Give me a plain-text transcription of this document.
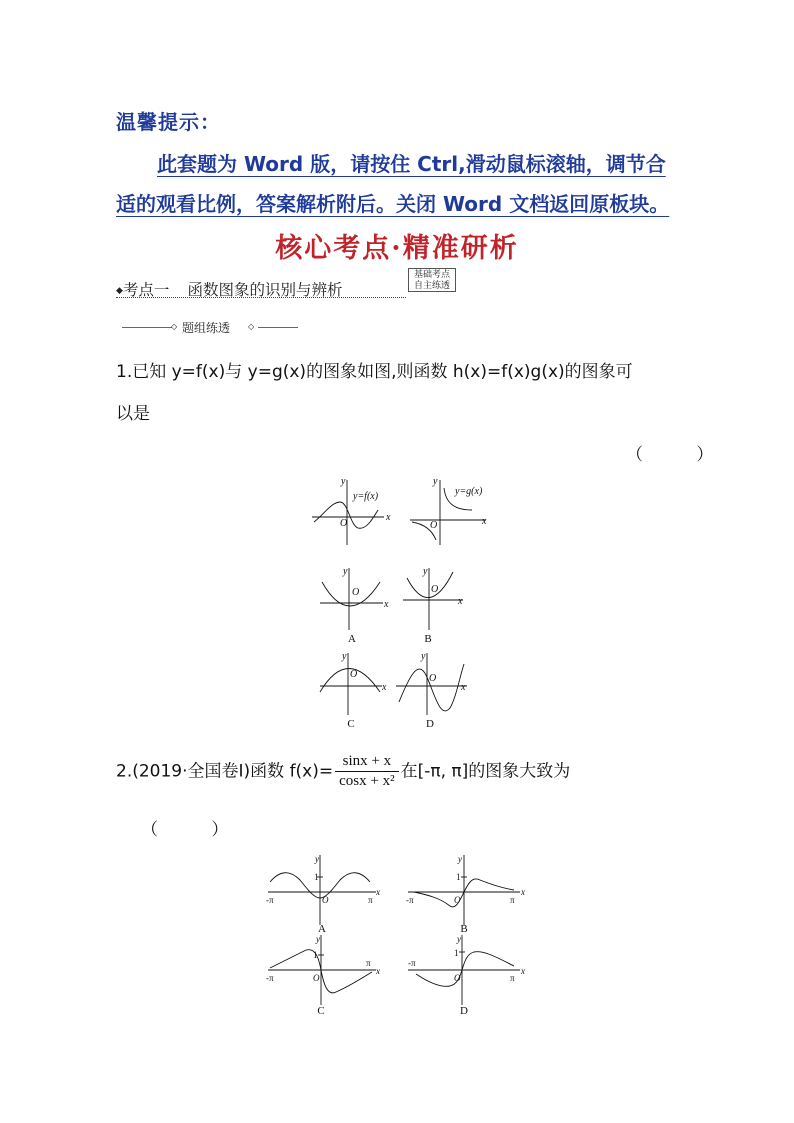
温馨提示：
此套题为 Word 版，请按住 Ctrl,滑动鼠标滚轴，调节合
适的观看比例，答案解析附后。关闭 Word 文档返回原板块。
核心考点·精准研析
◆考点一 函数图象的识别与辨析
基础考点
自主练透
◇ 题组练透 ◇
1.已知 y=f(x)与 y=g(x)的图象如图,则函数 h(x)=f(x)g(x)的图象可
以是
（ ）
y=f(x)	y=g(x)
x
y
O	x
y
O
x
y
O
x
y
O
x
y
O
x
y
O
A	B
C	D
2.(2019·全国卷Ⅰ)函数 $f(x)= \frac{\sin x + x}{\text{cosx + x²}}$ 在[-π, π]的图象大致为
（ ）
-π	π
1
O
y
x
-π	π
1
O
y
x
-π
π
1
O
y
x
-π
π
1
O
y
x
A	B
C	D
